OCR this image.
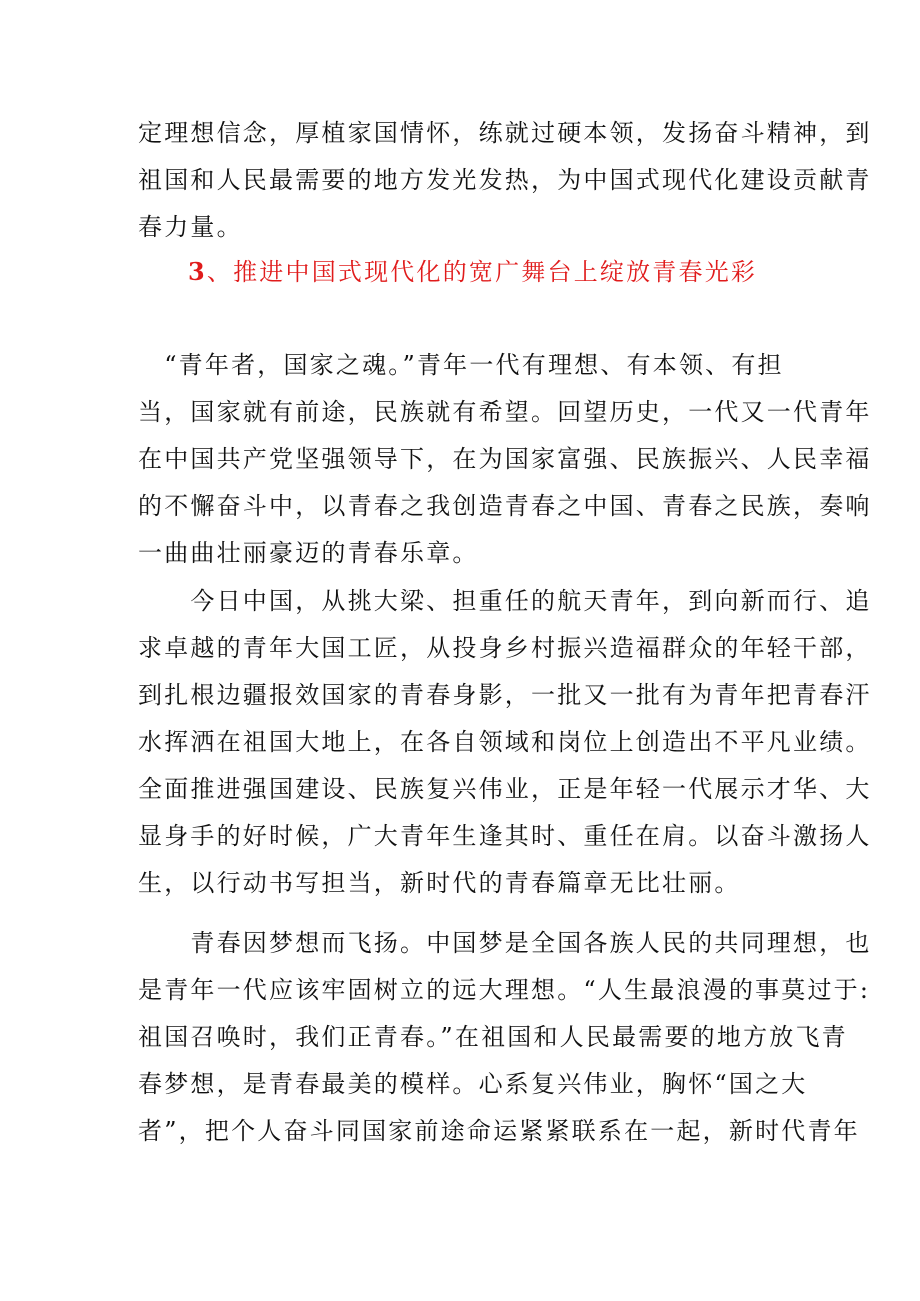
定理想信念，厚植家国情怀，练就过硬本领，发扬奋斗精神，到
祖国和人民最需要的地方发光发热，为中国式现代化建设贡献青
春力量。
3、推进中国式现代化的宽广舞台上绽放青春光彩
　“青年者，国家之魂。”青年一代有理想、有本领、有担
当，国家就有前途，民族就有希望。回望历史，一代又一代青年
在中国共产党坚强领导下，在为国家富强、民族振兴、人民幸福
的不懈奋斗中，以青春之我创造青春之中国、青春之民族，奏响
一曲曲壮丽豪迈的青春乐章。
　　今日中国，从挑大梁、担重任的航天青年，到向新而行、追
求卓越的青年大国工匠，从投身乡村振兴造福群众的年轻干部，
到扎根边疆报效国家的青春身影，一批又一批有为青年把青春汗
水挥洒在祖国大地上，在各自领域和岗位上创造出不平凡业绩。
全面推进强国建设、民族复兴伟业，正是年轻一代展示才华、大
显身手的好时候，广大青年生逢其时、重任在肩。以奋斗激扬人
生，以行动书写担当，新时代的青春篇章无比壮丽。
　　青春因梦想而飞扬。中国梦是全国各族人民的共同理想，也
是青年一代应该牢固树立的远大理想。“人生最浪漫的事莫过于:
祖国召唤时，我们正青春。”在祖国和人民最需要的地方放飞青
春梦想，是青春最美的模样。心系复兴伟业，胸怀“国之大
者”，把个人奋斗同国家前途命运紧紧联系在一起，新时代青年
